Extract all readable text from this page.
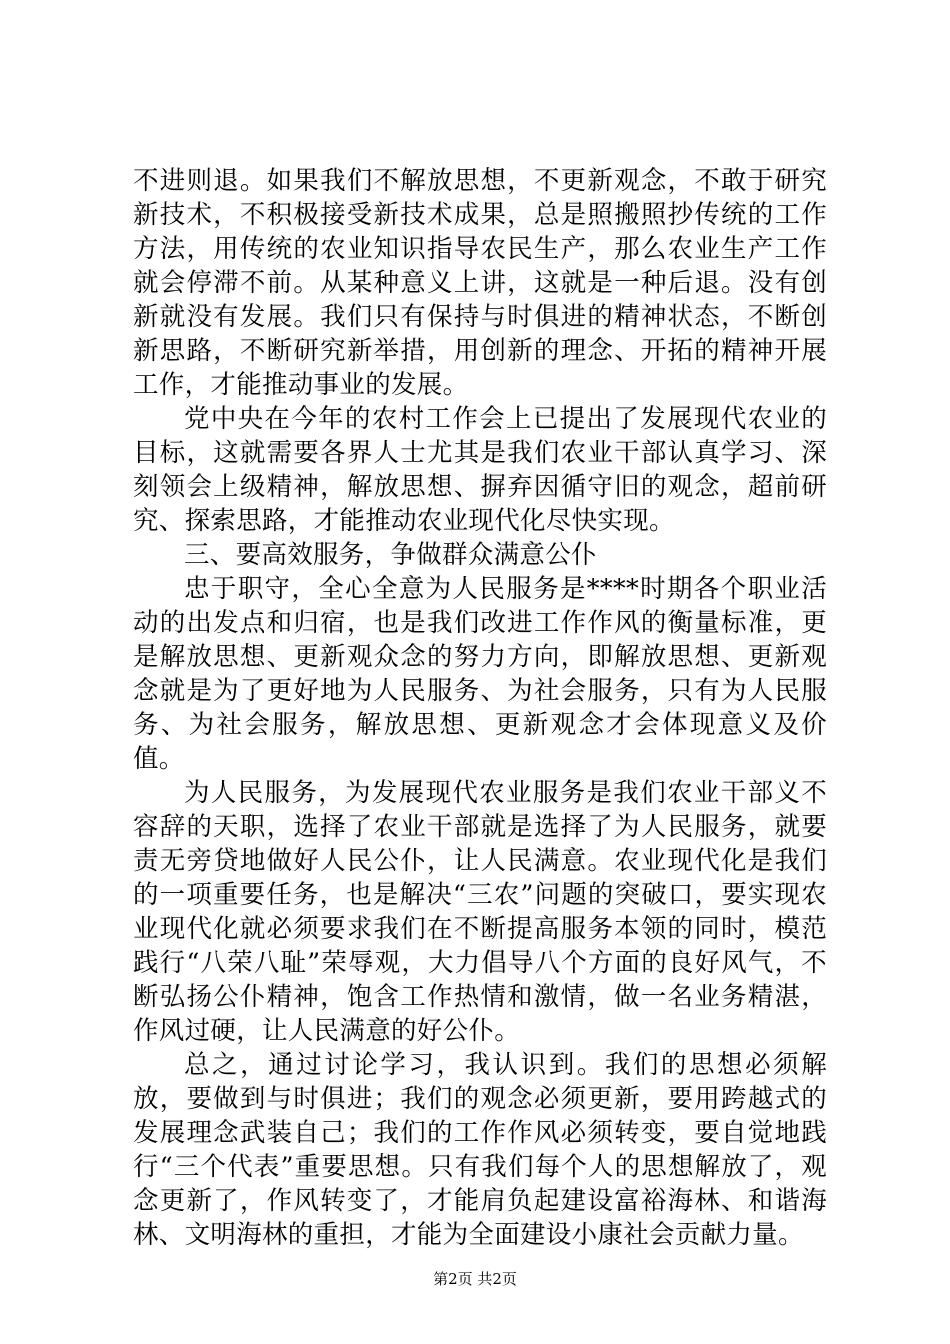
不进则退。如果我们不解放思想，不更新观念，不敢于研究新技术，不积极接受新技术成果，总是照搬照抄传统的工作方法，用传统的农业知识指导农民生产，那么农业生产工作就会停滞不前。从某种意义上讲，这就是一种后退。没有创新就没有发展。我们只有保持与时俱进的精神状态，不断创新思路，不断研究新举措，用创新的理念、开拓的精神开展工作，才能推动事业的发展。

党中央在今年的农村工作会上已提出了发展现代农业的目标，这就需要各界人士尤其是我们农业干部认真学习、深刻领会上级精神，解放思想、摒弃因循守旧的观念，超前研究、探索思路，才能推动农业现代化尽快实现。

三、要高效服务，争做群众满意公仆

忠于职守，全心全意为人民服务是****时期各个职业活动的出发点和归宿，也是我们改进工作作风的衡量标准，更是解放思想、更新观众念的努力方向，即解放思想、更新观念就是为了更好地为人民服务、为社会服务，只有为人民服务、为社会服务，解放思想、更新观念才会体现意义及价值。

为人民服务，为发展现代农业服务是我们农业干部义不容辞的天职，选择了农业干部就是选择了为人民服务，就要责无旁贷地做好人民公仆，让人民满意。农业现代化是我们的一项重要任务，也是解决“三农”问题的突破口，要实现农业现代化就必须要求我们在不断提高服务本领的同时，模范践行“八荣八耻”荣辱观，大力倡导八个方面的良好风气，不断弘扬公仆精神，饱含工作热情和激情，做一名业务精湛，作风过硬，让人民满意的好公仆。

总之，通过讨论学习，我认识到。我们的思想必须解放，要做到与时俱进；我们的观念必须更新，要用跨越式的发展理念武装自己；我们的工作作风必须转变，要自觉地践行“三个代表”重要思想。只有我们每个人的思想解放了，观念更新了，作风转变了，才能肩负起建设富裕海林、和谐海林、文明海林的重担，才能为全面建设小康社会贡献力量。

第2页 共2页
